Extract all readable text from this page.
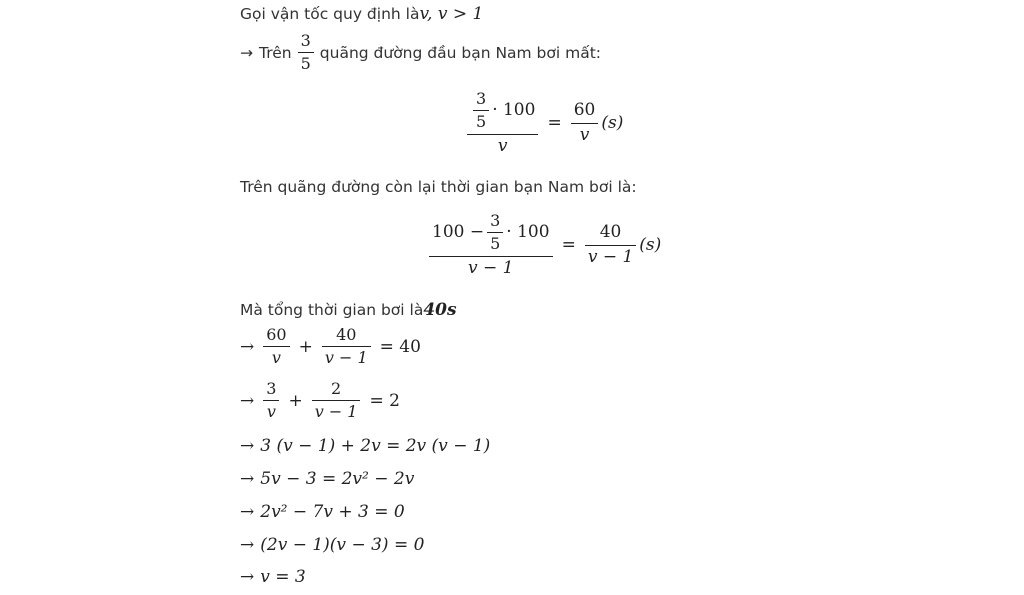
Gọi vận tốc quy định là v, v > 1
→ Trên $\frac{3}{5}$ quãng đường đầu bạn Nam bơi mất:
$\frac{\frac{3}{5} \cdot 100}{v} = \frac{60}{v} (s)$
Trên quãng đường còn lại thời gian bạn Nam bơi là:
$\frac{100 - \frac{3}{5} \cdot 100}{v - 1} = \frac{40}{v - 1} (s)$
Mà tổng thời gian bơi là 40s
→ $\frac{60}{v} + \frac{40}{v - 1} = 40$
→ $\frac{3}{v} + \frac{2}{v - 1} = 2$
→ 3 (v − 1) + 2v = 2v (v − 1)
→ 5v − 3 = 2v² − 2v
→ 2v² − 7v + 3 = 0
→ (2v − 1)(v − 3) = 0
→ v = 3
